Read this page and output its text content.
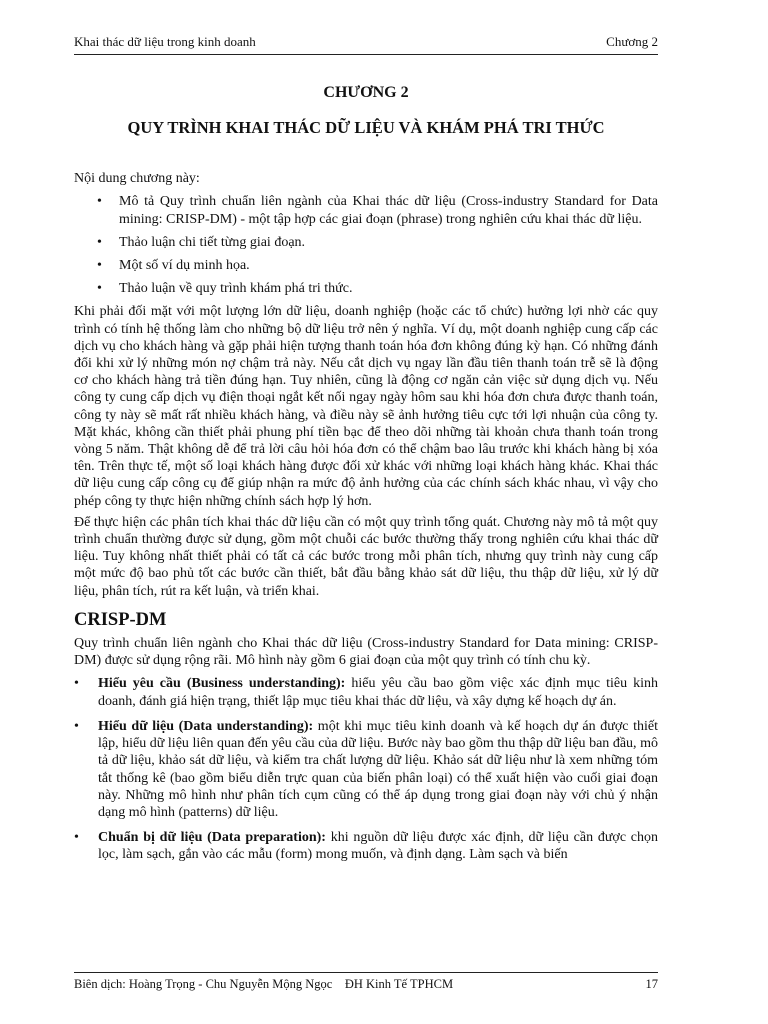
Khai thác dữ liệu trong kinh doanh	Chương 2
CHƯƠNG 2
QUY TRÌNH KHAI THÁC DỮ LIỆU VÀ KHÁM PHÁ TRI THỨC
Nội dung chương này:
• Mô tả Quy trình chuẩn liên ngành của Khai thác dữ liệu (Cross-industry Standard for Data mining: CRISP-DM) - một tập hợp các giai đoạn (phrase) trong nghiên cứu khai thác dữ liệu.
• Thảo luận chi tiết từng giai đoạn.
• Một số ví dụ minh họa.
• Thảo luận về quy trình khám phá tri thức.

Khi phải đối mặt với một lượng lớn dữ liệu, doanh nghiệp (hoặc các tổ chức) hưởng lợi nhờ các quy trình có tính hệ thống làm cho những bộ dữ liệu trở nên ý nghĩa. Ví dụ, một doanh nghiệp cung cấp các dịch vụ cho khách hàng và gặp phải hiện tượng thanh toán hóa đơn không đúng kỳ hạn. Có những đánh đổi khi xử lý những món nợ chậm trả này. Nếu cắt dịch vụ ngay lần đầu tiên thanh toán trễ sẽ là động cơ cho khách hàng trả tiền đúng hạn. Tuy nhiên, cũng là động cơ ngăn cản việc sử dụng dịch vụ. Nếu công ty cung cấp dịch vụ điện thoại ngắt kết nối ngay ngày hôm sau khi hóa đơn chưa được thanh toán, công ty này sẽ mất rất nhiều khách hàng, và điều này sẽ ảnh hưởng tiêu cực tới lợi nhuận của công ty. Mặt khác, không cần thiết phải phung phí tiền bạc để theo dõi những tài khoản chưa thanh toán trong vòng 5 năm. Thật không dễ để trả lời câu hỏi hóa đơn có thể chậm bao lâu trước khi khách hàng bị xóa tên. Trên thực tế, một số loại khách hàng được đối xử khác với những loại khách hàng khác. Khai thác dữ liệu cung cấp công cụ để giúp nhận ra mức độ ảnh hưởng của các chính sách khác nhau, vì vậy cho phép công ty thực hiện những chính sách hợp lý hơn.

Để thực hiện các phân tích khai thác dữ liệu cần có một quy trình tổng quát. Chương này mô tả một quy trình chuẩn thường được sử dụng, gồm một chuỗi các bước thường thấy trong nghiên cứu khai thác dữ liệu. Tuy không nhất thiết phải có tất cả các bước trong mỗi phân tích, nhưng quy trình này cung cấp một mức độ bao phủ tốt các bước cần thiết, bắt đầu bằng khảo sát dữ liệu, thu thập dữ liệu, xử lý dữ liệu, phân tích, rút ra kết luận, và triển khai.

CRISP-DM

Quy trình chuẩn liên ngành cho Khai thác dữ liệu (Cross-industry Standard for Data mining: CRISP-DM) được sử dụng rộng rãi. Mô hình này gồm 6 giai đoạn của một quy trình có tính chu kỳ.

• Hiểu yêu cầu (Business understanding): hiểu yêu cầu bao gồm việc xác định mục tiêu kinh doanh, đánh giá hiện trạng, thiết lập mục tiêu khai thác dữ liệu, và xây dựng kế hoạch dự án.
• Hiểu dữ liệu (Data understanding): một khi mục tiêu kinh doanh và kế hoạch dự án được thiết lập, hiểu dữ liệu liên quan đến yêu cầu của dữ liệu. Bước này bao gồm thu thập dữ liệu ban đầu, mô tả dữ liệu, khảo sát dữ liệu, và kiểm tra chất lượng dữ liệu. Khảo sát dữ liệu như là xem những tóm tắt thống kê (bao gồm biểu diễn trực quan của biến phân loại) có thể xuất hiện vào cuối giai đoạn này. Những mô hình như phân tích cụm cũng có thể áp dụng trong giai đoạn này với chủ ý nhận dạng mô hình (patterns) dữ liệu.
• Chuẩn bị dữ liệu (Data preparation): khi nguồn dữ liệu được xác định, dữ liệu cần được chọn lọc, làm sạch, gắn vào các mẫu (form) mong muốn, và định dạng. Làm sạch và biến
Biên dịch: Hoàng Trọng - Chu Nguyễn Mộng Ngọc    ĐH Kinh Tế TPHCM	17
